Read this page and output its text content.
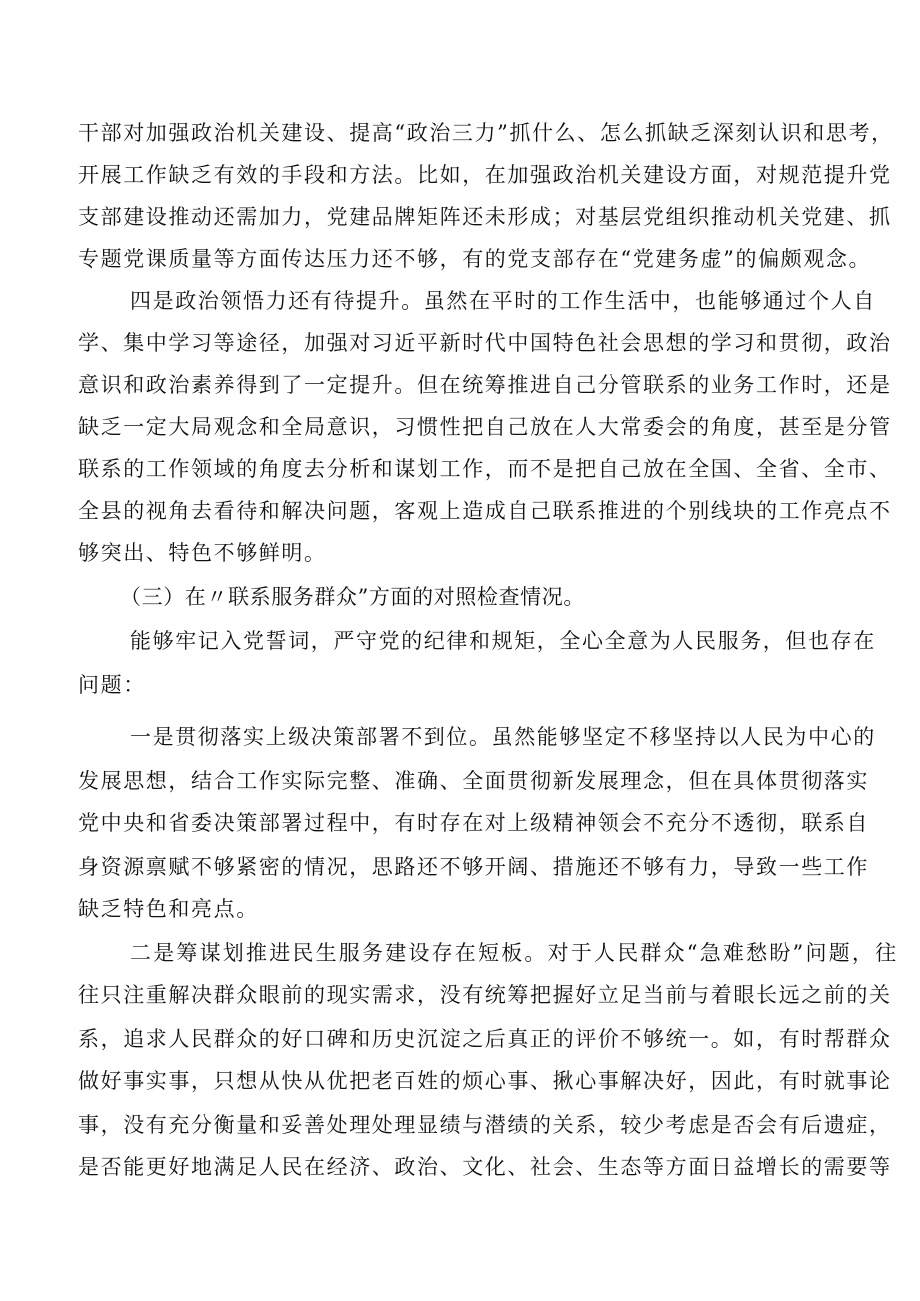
干部对加强政治机关建设、提高“政治三力”抓什么、怎么抓缺乏深刻认识和思考，
开展工作缺乏有效的手段和方法。比如，在加强政治机关建设方面，对规范提升党
支部建设推动还需加力，党建品牌矩阵还未形成；对基层党组织推动机关党建、抓
专题党课质量等方面传达压力还不够，有的党支部存在“党建务虚”的偏颇观念。
四是政治领悟力还有待提升。虽然在平时的工作生活中，也能够通过个人自
学、集中学习等途径，加强对习近平新时代中国特色社会思想的学习和贯彻，政治
意识和政治素养得到了一定提升。但在统筹推进自己分管联系的业务工作时，还是
缺乏一定大局观念和全局意识，习惯性把自己放在人大常委会的角度，甚至是分管
联系的工作领域的角度去分析和谋划工作，而不是把自己放在全国、全省、全市、
全县的视角去看待和解决问题，客观上造成自己联系推进的个别线块的工作亮点不
够突出、特色不够鲜明。
（三）在〃联系服务群众”方面的对照检查情况。
能够牢记入党誓词，严守党的纪律和规矩，全心全意为人民服务，但也存在
问题：
一是贯彻落实上级决策部署不到位。虽然能够坚定不移坚持以人民为中心的
发展思想，结合工作实际完整、准确、全面贯彻新发展理念，但在具体贯彻落实
党中央和省委决策部署过程中，有时存在对上级精神领会不充分不透彻，联系自
身资源禀赋不够紧密的情况，思路还不够开阔、措施还不够有力，导致一些工作
缺乏特色和亮点。
二是筹谋划推进民生服务建设存在短板。对于人民群众“急难愁盼”问题，往
往只注重解决群众眼前的现实需求，没有统筹把握好立足当前与着眼长远之前的关
系，追求人民群众的好口碑和历史沉淀之后真正的评价不够统一。如，有时帮群众
做好事实事，只想从快从优把老百姓的烦心事、揪心事解决好，因此，有时就事论
事，没有充分衡量和妥善处理处理显绩与潜绩的关系，较少考虑是否会有后遗症，
是否能更好地满足人民在经济、政治、文化、社会、生态等方面日益增长的需要等
